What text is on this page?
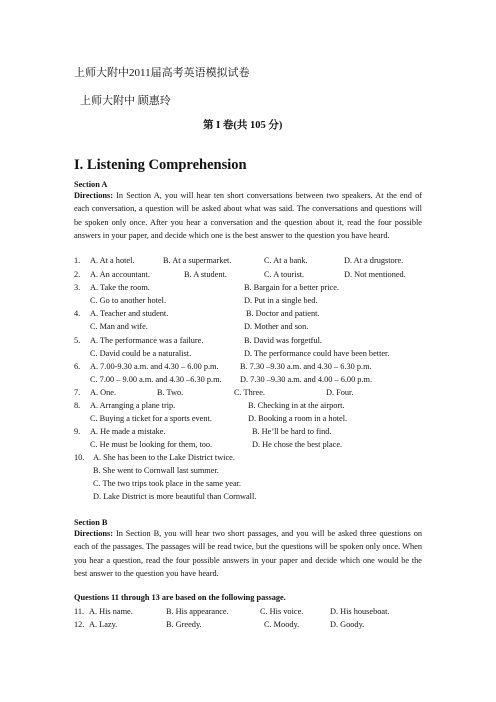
上师大附中2011届高考英语模拟试卷
上师大附中 顾惠玲
第 I 卷(共 105 分)
I. Listening Comprehension
Section A
Directions: In Section A, you will hear ten short conversations between two speakers. At the end of each conversation, a question will be asked about what was said. The conversations and questions will be spoken only once. After you hear a conversation and the question about it, read the four possible answers in your paper, and decide which one is the best answer to the question you have heard.
1. A. At a hotel.	B. At a supermarket.	C. At a bank.	D. At a drugstore.
2. A. An accountant.	B. A student.	C. A tourist.	D. Not mentioned.
3. A. Take the room.	B. Bargain for a better price.
C. Go to another hotel.	D. Put in a single bed.
4. A. Teacher and student.	B. Doctor and patient.
C. Man and wife.	D. Mother and son.
5. A. The performance was a failure.	B. David was forgetful.
C. David could be a naturalist.	D. The performance could have been better.
6. A. 7.00-9.30 a.m. and 4.30 – 6.00 p.m.	B. 7.30 –9.30 a.m. and 4.30 – 6.30 p.m.
C. 7.00 – 9.00 a.m. and 4.30 –6.30 p.m. D. 7.30 –9.30 a.m. and 4.00 – 6.00 p.m.
7. A. One.	B. Two.	C. Three.	D. Four.
8. A. Arranging a plane trip.	B. Checking in at the airport.
C. Buying a ticket for a sports event.	D. Booking a room in a hotel.
9. A. He made a mistake.	B. He’ll be hard to find.
C. He must be looking for them, too.	D. He chose the best place.
10. A. She has been to the Lake District twice.
B. She went to Cornwall last summer.
C. The two trips took place in the same year.
D. Lake District is more beautiful than Cornwall.
Section B
Directions: In Section B, you will hear two short passages, and you will be asked three questions on each of the passages. The passages will be read twice, but the questions will be spoken only once. When you hear a question, read the four possible answers in your paper and decide which one would be the best answer to the question you have heard.
Questions 11 through 13 are based on the following passage.
11. A. His name.	B. His appearance.	C. His voice.	D. His houseboat.
12. A. Lazy.	B. Greedy.	C. Moody.	D. Goody.
